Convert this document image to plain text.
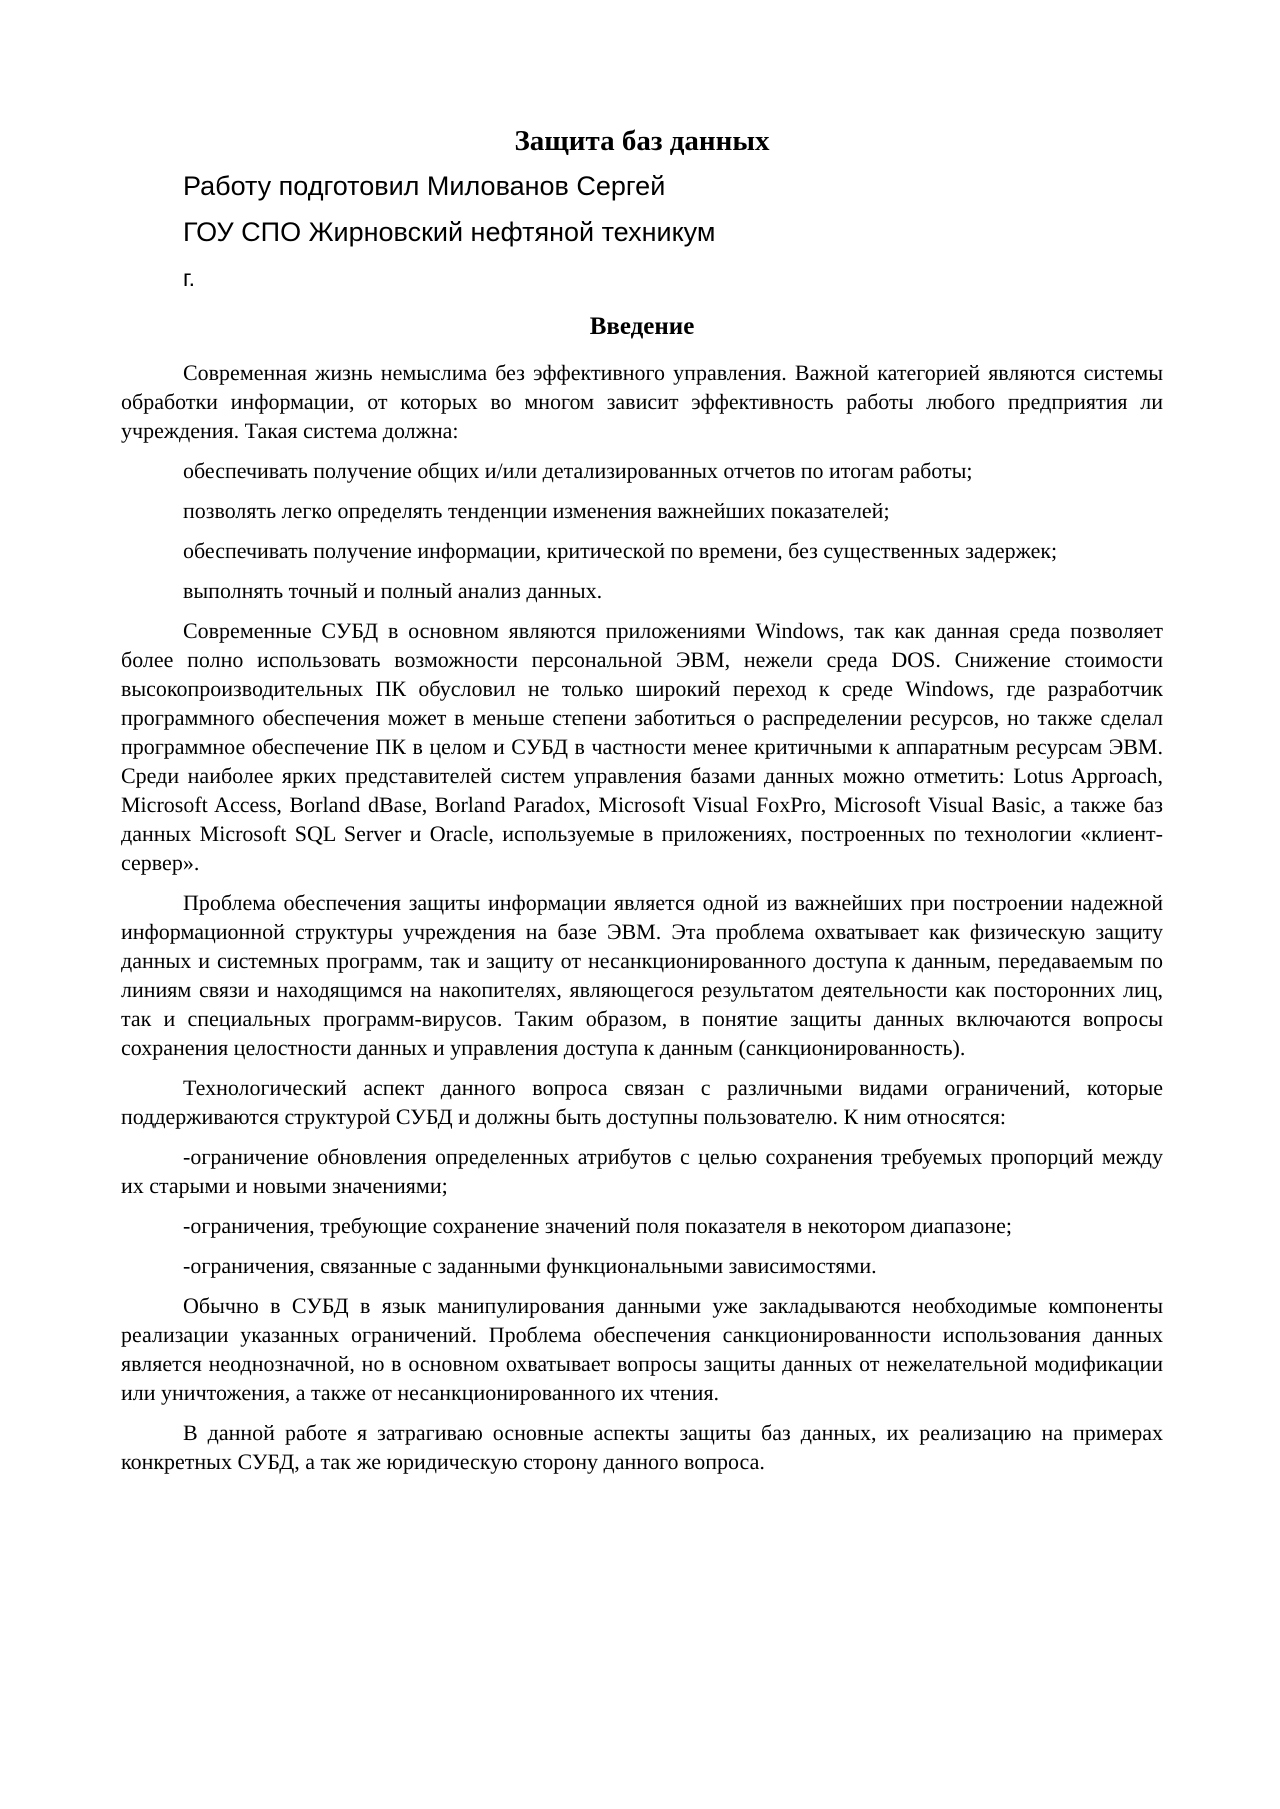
Защита баз данных
Работу подготовил Милованов Сергей
ГОУ СПО Жирновский нефтяной техникум
г.
Введение

Современная жизнь немыслима без эффективного управления. Важной категорией являются системы обработки информации, от которых во многом зависит эффективность работы любого предприятия ли учреждения. Такая система должна:

обеспечивать получение общих и/или детализированных отчетов по итогам работы;

позволять легко определять тенденции изменения важнейших показателей;

обеспечивать получение информации, критической по времени, без существенных задержек;

выполнять точный и полный анализ данных.

Современные СУБД в основном являются приложениями Windows, так как данная среда позволяет более полно использовать возможности персональной ЭВМ, нежели среда DOS. Снижение стоимости высокопроизводительных ПК обусловил не только широкий переход к среде Windows, где разработчик программного обеспечения может в меньше степени заботиться о распределении ресурсов, но также сделал программное обеспечение ПК в целом и СУБД в частности менее критичными к аппаратным ресурсам ЭВМ. Среди наиболее ярких представителей систем управления базами данных можно отметить: Lotus Approach, Microsoft Access, Borland dBase, Borland Paradox, Microsoft Visual FoxPro, Microsoft Visual Basic, а также баз данных Microsoft SQL Server и Oracle, используемые в приложениях, построенных по технологии «клиент-сервер».

Проблема обеспечения защиты информации является одной из важнейших при построении надежной информационной структуры учреждения на базе ЭВМ. Эта проблема охватывает как физическую защиту данных и системных программ, так и защиту от несанкционированного доступа к данным, передаваемым по линиям связи и находящимся на накопителях, являющегося результатом деятельности как посторонних лиц, так и специальных программ-вирусов. Таким образом, в понятие защиты данных включаются вопросы сохранения целостности данных и управления доступа к данным (санкционированность).

Технологический аспект данного вопроса связан с различными видами ограничений, которые поддерживаются структурой СУБД и должны быть доступны пользователю. К ним относятся:

-ограничение обновления определенных атрибутов с целью сохранения требуемых пропорций между их старыми и новыми значениями;

-ограничения, требующие сохранение значений поля показателя в некотором диапазоне;

-ограничения, связанные с заданными функциональными зависимостями.

Обычно в СУБД в язык манипулирования данными уже закладываются необходимые компоненты реализации указанных ограничений. Проблема обеспечения санкционированности использования данных является неоднозначной, но в основном охватывает вопросы защиты данных от нежелательной модификации или уничтожения, а также от несанкционированного их чтения.

В данной работе я затрагиваю основные аспекты защиты баз данных, их реализацию на примерах конкретных СУБД, а так же юридическую сторону данного вопроса.
